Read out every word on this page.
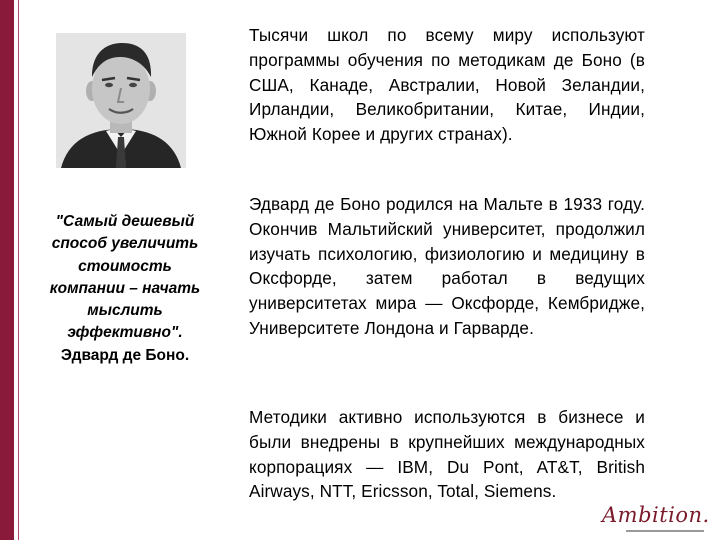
"Самый дешевый способ увеличить стоимость компании – начать мыслить эффективно". Эдвард де Боно.
Тысячи школ по всему миру используют программы обучения по методикам де Боно (в США, Канаде, Австралии, Новой Зеландии, Ирландии, Великобритании, Китае, Индии, Южной Корее и других странах).
Эдвард де Боно родился на Мальте в 1933 году. Окончив Мальтийский университет, продолжил изучать психологию, физиологию и медицину в Оксфорде, затем работал в ведущих университетах мира — Оксфорде, Кембридже, Университете Лондона и Гарварде.
Методики активно используются в бизнесе и были внедрены в крупнейших международных корпорациях — IBM, Du Pont, AT&T, British Airways, NTT, Ericsson, Total, Siemens.
Ambition.
